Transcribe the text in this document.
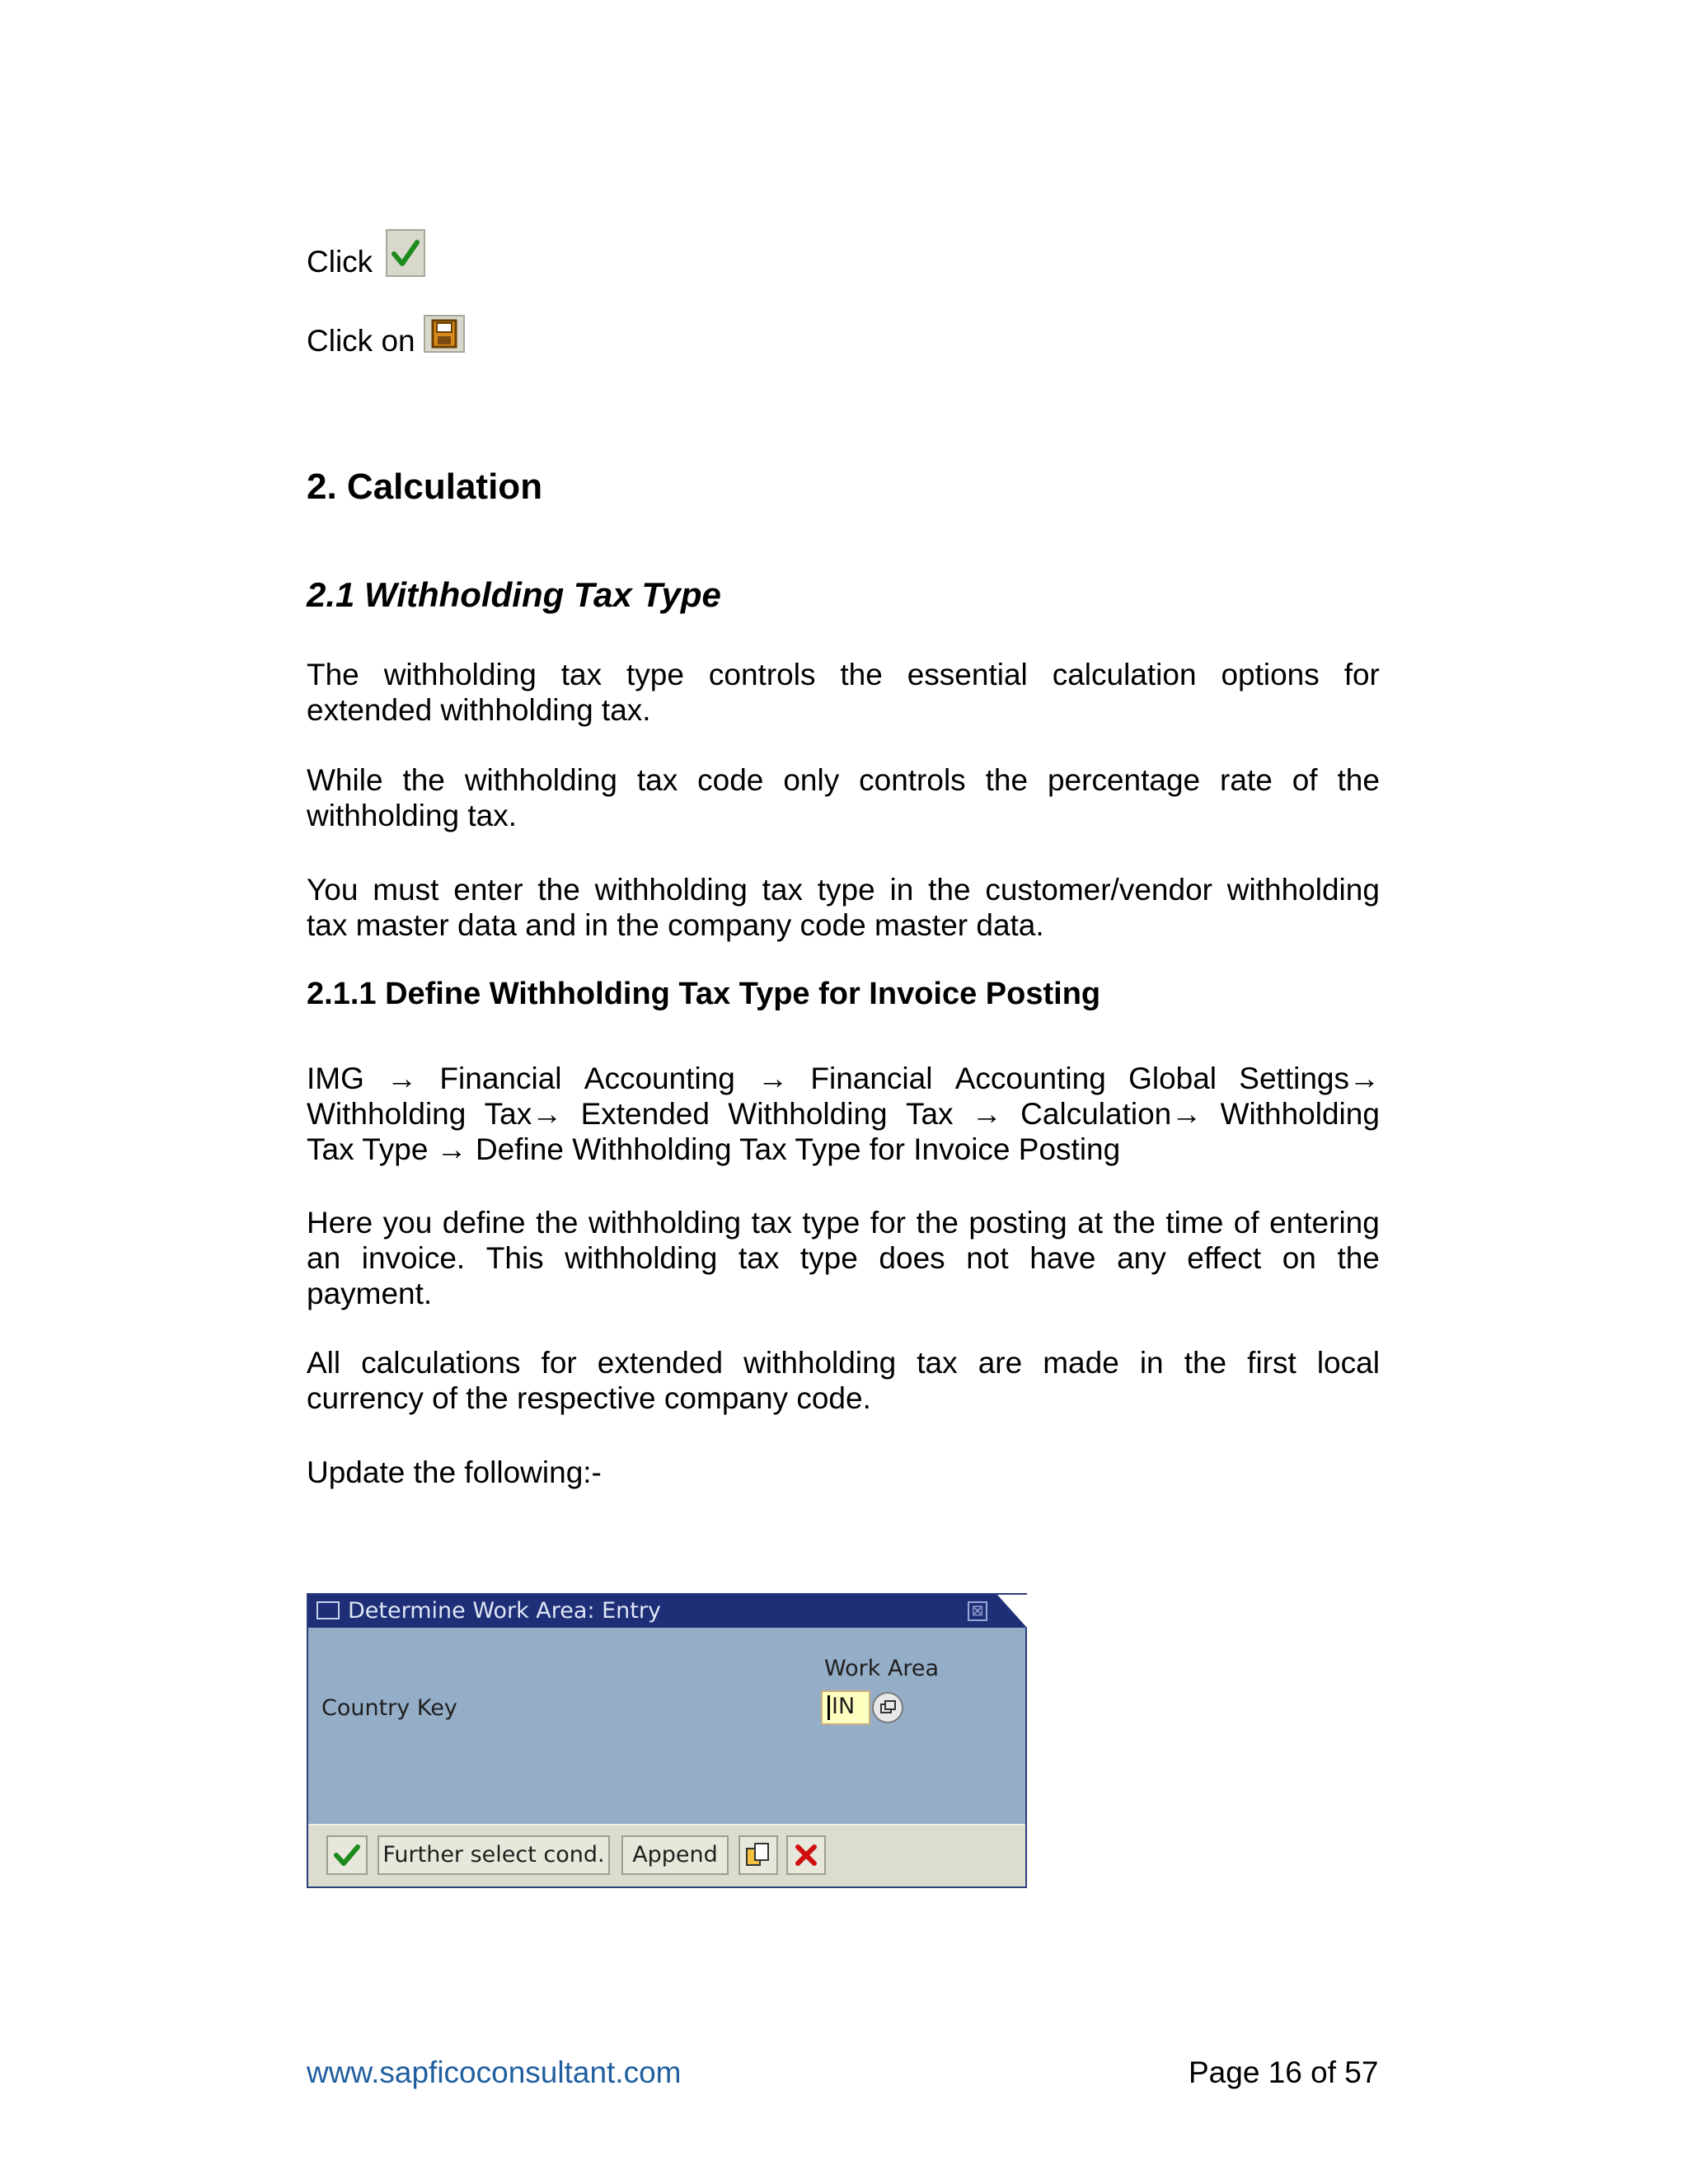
Click
Click on
2. Calculation
2.1 Withholding Tax Type
The withholding tax type controls the essential calculation options for
extended withholding tax.
While the withholding tax code only controls the percentage rate of the
withholding tax.
You must enter the withholding tax type in the customer/vendor withholding
tax master data and in the company code master data.
2.1.1 Define Withholding Tax Type for Invoice Posting
IMG → Financial Accounting → Financial Accounting Global Settings→
Withholding Tax→ Extended Withholding Tax → Calculation→ Withholding
Tax Type → Define Withholding Tax Type for Invoice Posting
Here you define the withholding tax type for the posting at the time of entering
an invoice. This withholding tax type does not have any effect on the
payment.
All calculations for extended withholding tax are made in the first local
currency of the respective company code.
Update the following:-
Determine Work Area: Entry	⊠
Work Area
Country Key	IN
Further select cond.	Append
www.sapficoconsultant.com	Page 16 of 57
